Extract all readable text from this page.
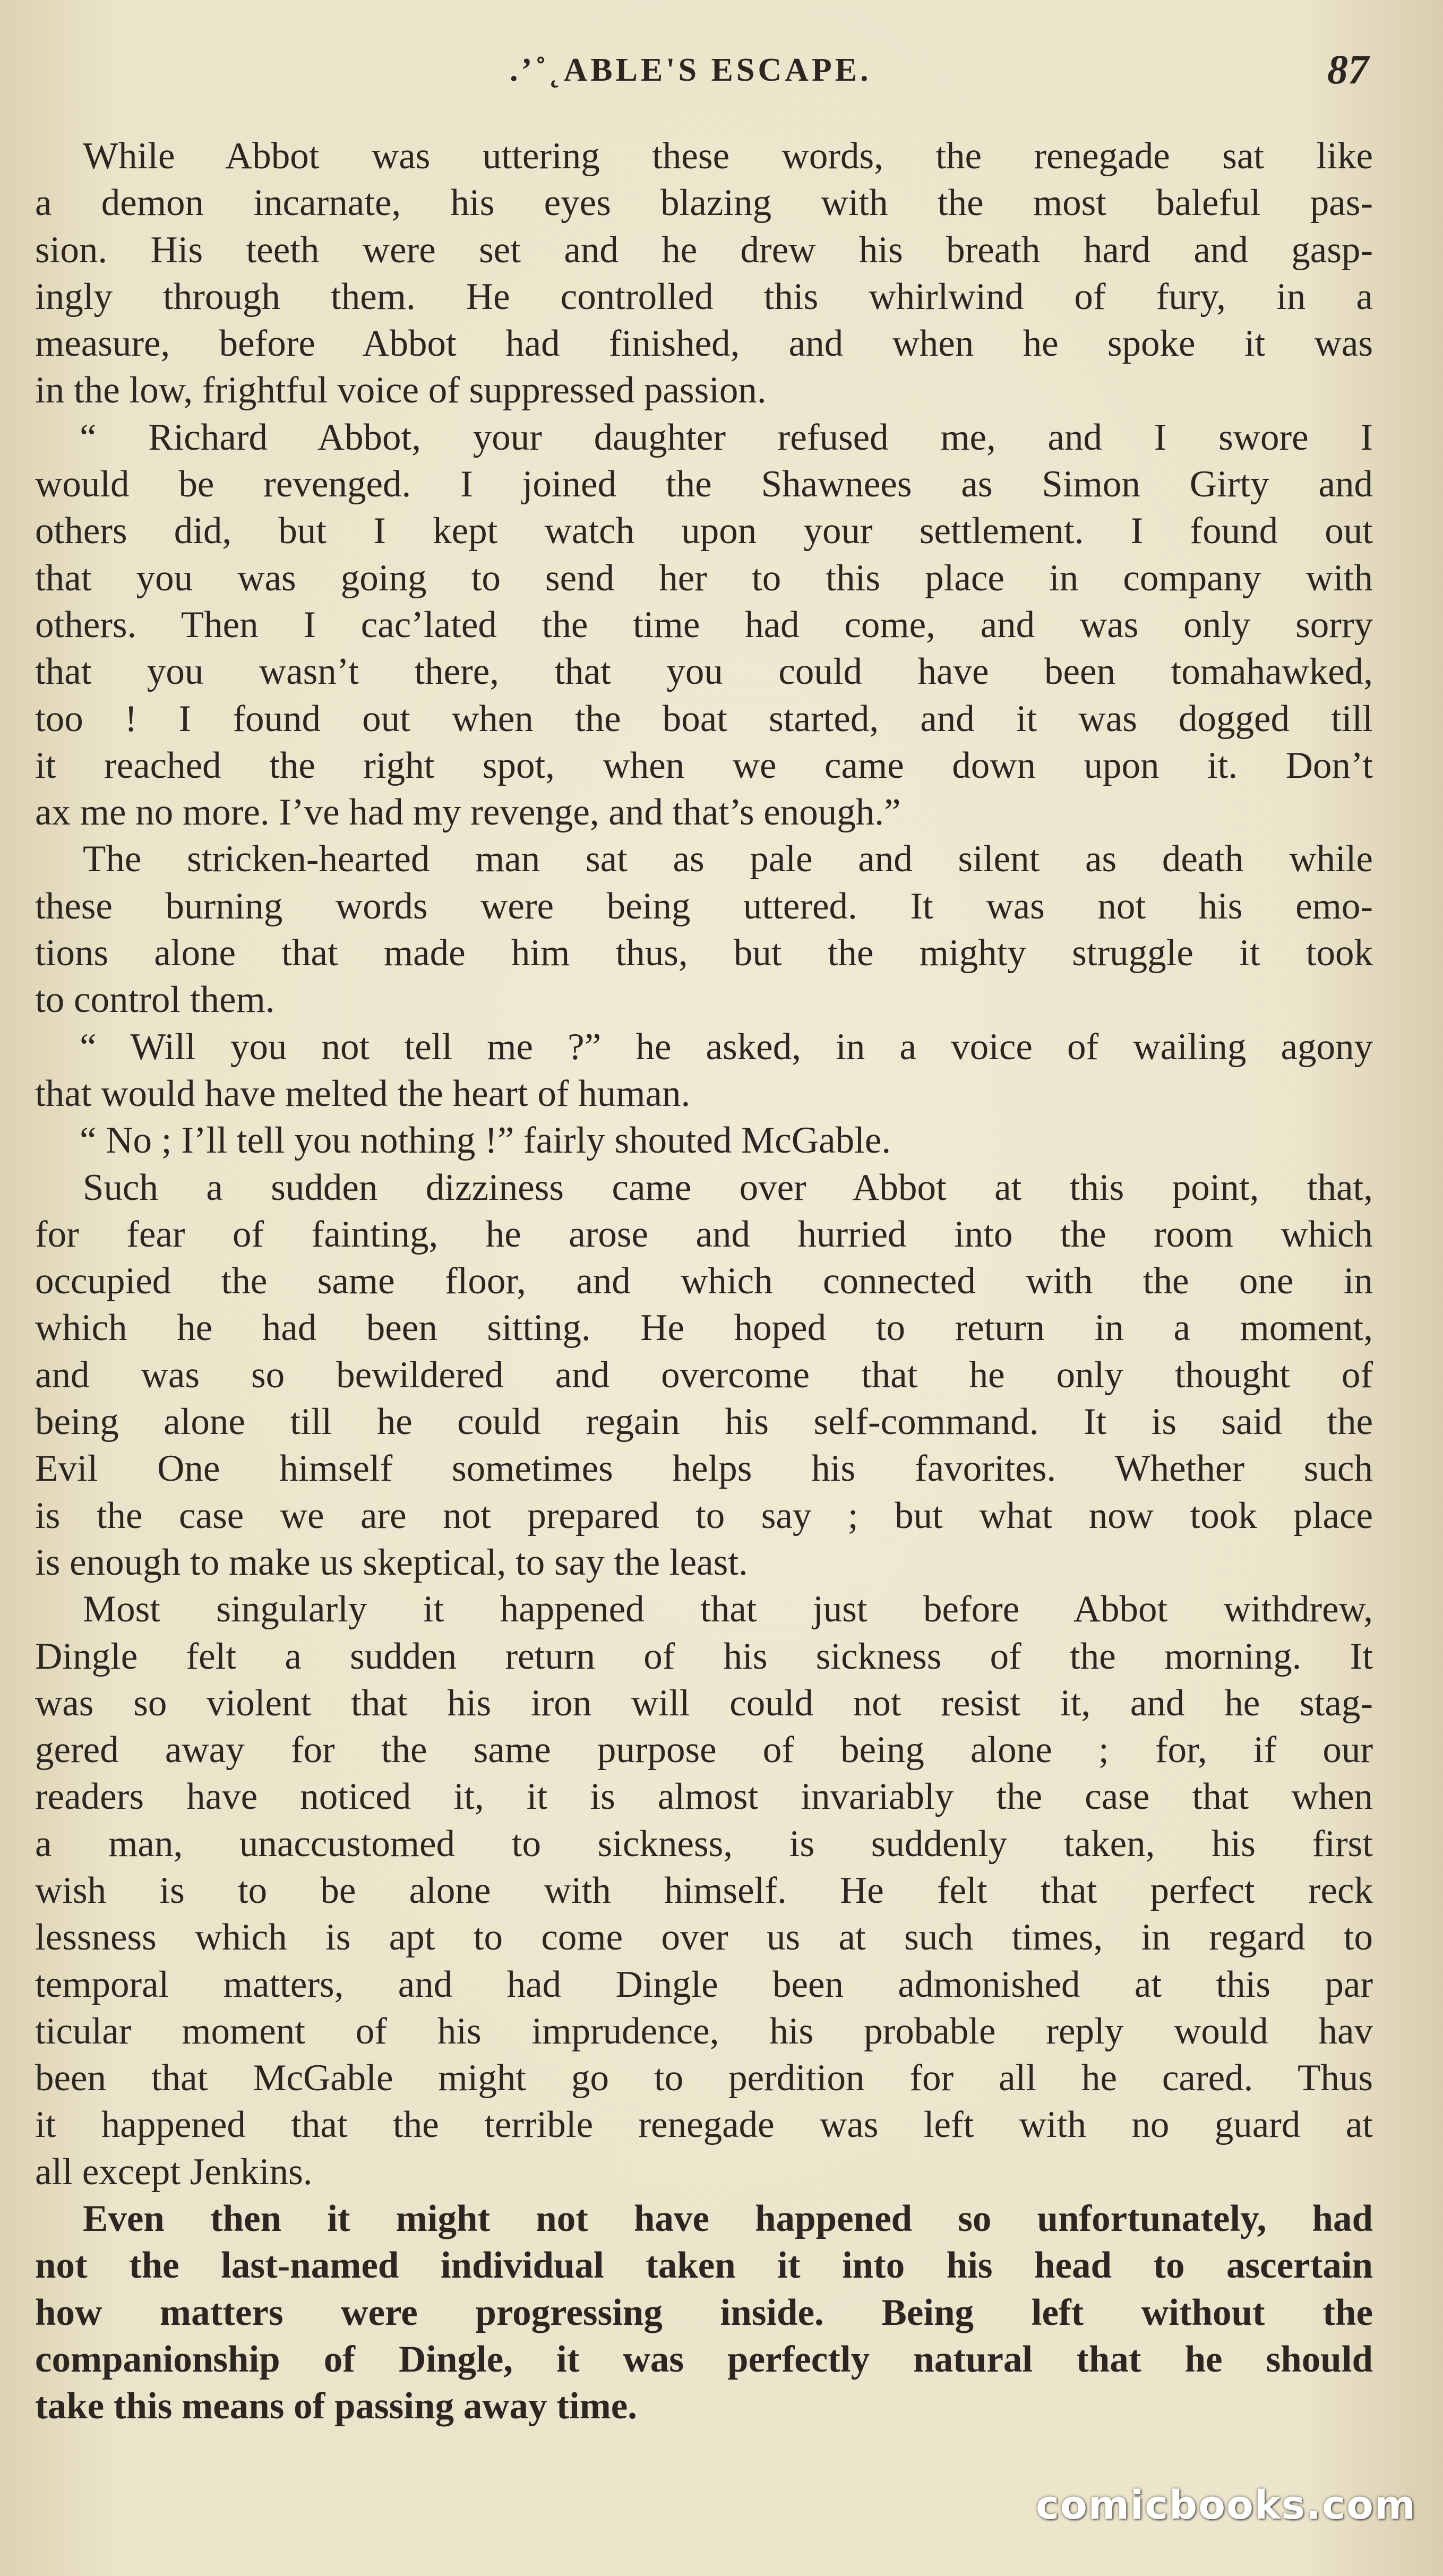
.’˚˛ABLE'S ESCAPE.	87
While Abbot was uttering these words, the renegade sat like
a demon incarnate, his eyes blazing with the most baleful pas-
sion. His teeth were set and he drew his breath hard and gasp-
ingly through them. He controlled this whirlwind of fury, in a
measure, before Abbot had finished, and when he spoke it was
in the low, frightful voice of suppressed passion.
“ Richard Abbot, your daughter refused me, and I swore I
would be revenged. I joined the Shawnees as Simon Girty and
others did, but I kept watch upon your settlement. I found out
that you was going to send her to this place in company with
others. Then I cac’lated the time had come, and was only sorry
that you wasn’t there, that you could have been tomahawked,
too ! I found out when the boat started, and it was dogged till
it reached the right spot, when we came down upon it. Don’t
ax me no more. I’ve had my revenge, and that’s enough.”
The stricken-hearted man sat as pale and silent as death while
these burning words were being uttered. It was not his emo-
tions alone that made him thus, but the mighty struggle it took
to control them.
“ Will you not tell me ?” he asked, in a voice of wailing agony
that would have melted the heart of human.
“ No ; I’ll tell you nothing !” fairly shouted McGable.
Such a sudden dizziness came over Abbot at this point, that,
for fear of fainting, he arose and hurried into the room which
occupied the same floor, and which connected with the one in
which he had been sitting. He hoped to return in a moment,
and was so bewildered and overcome that he only thought of
being alone till he could regain his self-command. It is said the
Evil One himself sometimes helps his favorites. Whether such
is the case we are not prepared to say ; but what now took place
is enough to make us skeptical, to say the least.
Most singularly it happened that just before Abbot withdrew,
Dingle felt a sudden return of his sickness of the morning. It
was so violent that his iron will could not resist it, and he stag-
gered away for the same purpose of being alone ; for, if our
readers have noticed it, it is almost invariably the case that when
a man, unaccustomed to sickness, is suddenly taken, his first
wish is to be alone with himself. He felt that perfect reck
lessness which is apt to come over us at such times, in regard to
temporal matters, and had Dingle been admonished at this par
ticular moment of his imprudence, his probable reply would hav
been that McGable might go to perdition for all he cared. Thus
it happened that the terrible renegade was left with no guard at
all except Jenkins.
Even then it might not have happened so unfortunately, had
not the last-named individual taken it into his head to ascertain
how matters were progressing inside. Being left without the
companionship of Dingle, it was perfectly natural that he should
take this means of passing away time.
comicbooks.com
